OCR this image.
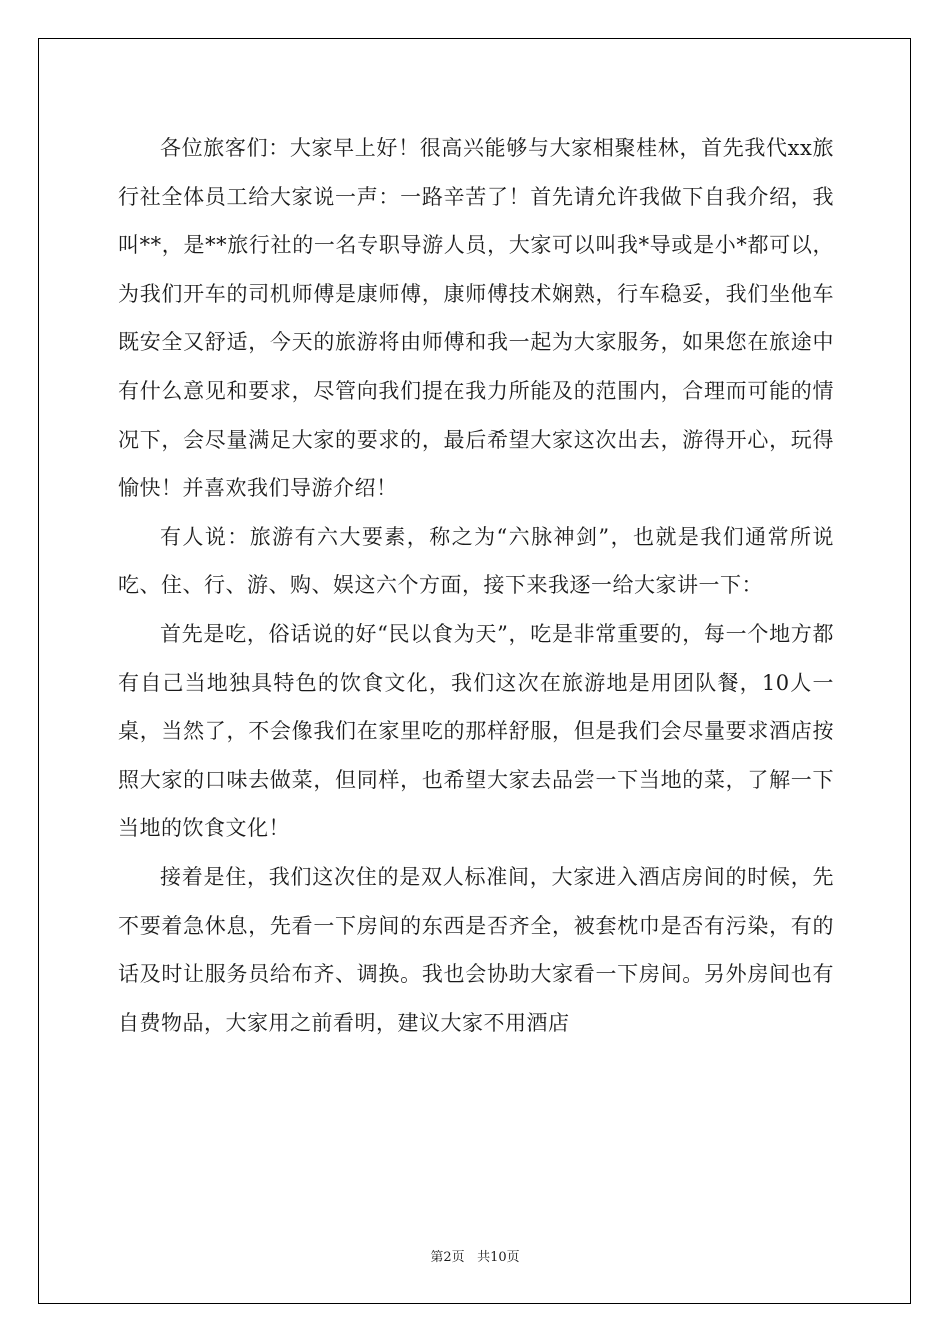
各位旅客们：大家早上好！很高兴能够与大家相聚桂林，首先我代xx旅行社全体员工给大家说一声：一路辛苦了！首先请允许我做下自我介绍，我叫**，是**旅行社的一名专职导游人员，大家可以叫我*导或是小*都可以，为我们开车的司机师傅是康师傅，康师傅技术娴熟，行车稳妥，我们坐他车既安全又舒适，今天的旅游将由师傅和我一起为大家服务，如果您在旅途中有什么意见和要求，尽管向我们提在我力所能及的范围内，合理而可能的情况下，会尽量满足大家的要求的，最后希望大家这次出去，游得开心，玩得愉快！并喜欢我们导游介绍！

有人说：旅游有六大要素，称之为“六脉神剑”，也就是我们通常所说吃、住、行、游、购、娱这六个方面，接下来我逐一给大家讲一下：

首先是吃，俗话说的好“民以食为天”，吃是非常重要的，每一个地方都有自己当地独具特色的饮食文化，我们这次在旅游地是用团队餐，10人一桌，当然了，不会像我们在家里吃的那样舒服，但是我们会尽量要求酒店按照大家的口味去做菜，但同样，也希望大家去品尝一下当地的菜，了解一下当地的饮食文化！

接着是住，我们这次住的是双人标准间，大家进入酒店房间的时候，先不要着急休息，先看一下房间的东西是否齐全，被套枕巾是否有污染，有的话及时让服务员给布齐、调换。我也会协助大家看一下房间。另外房间也有自费物品，大家用之前看明，建议大家不用酒店

第2页 共10页
